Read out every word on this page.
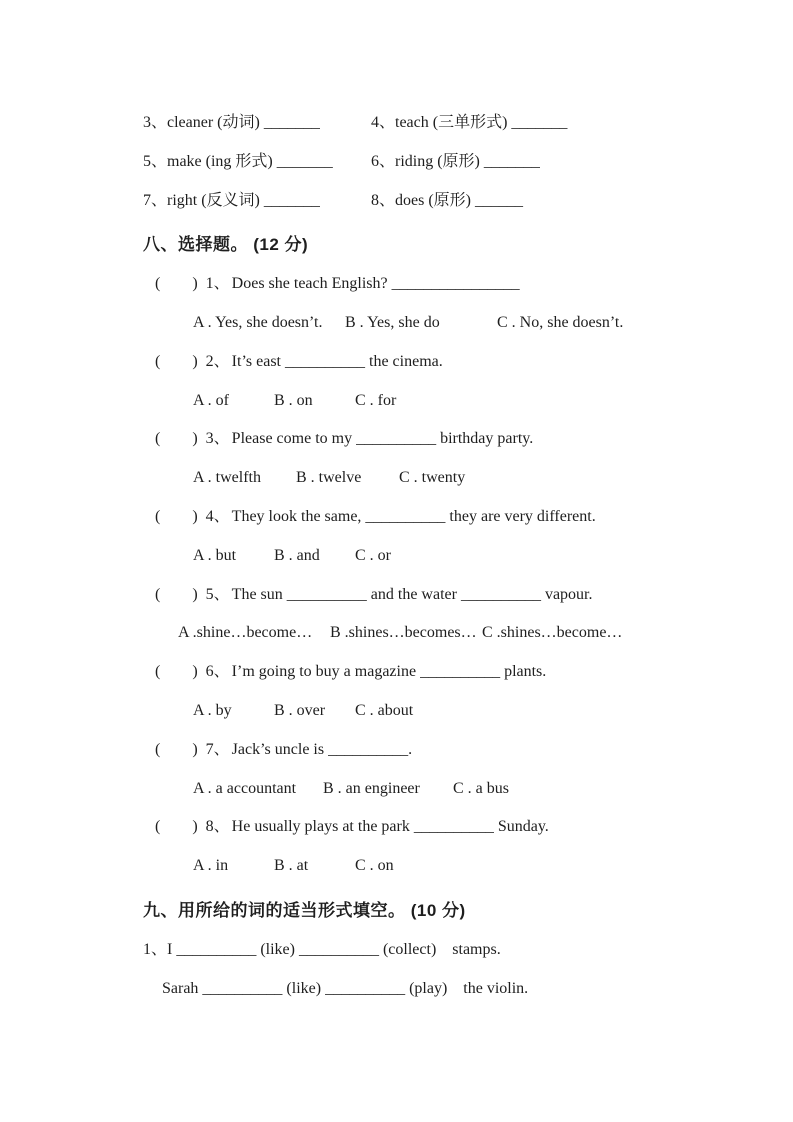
3、cleaner (动词) _______	4、teach (三单形式) _______
5、make (ing 形式) _______ 6、riding (原形) _______
7、right (反义词) _______	8、does (原形) ______
八、选择题。 (12 分)
(  ) 1、 Does she teach English? ________________
A . Yes, she doesn’t. B . Yes, she do	C . No, she doesn’t.
(  ) 2、 It’s east __________ the cinema.
A . of	B . on	C . for
(  ) 3、 Please come to my __________ birthday party.
A . twelfth B . twelve C . twenty
(  ) 4、 They look the same, __________ they are very different.
A . but B . and C . or
(  ) 5、 The sun __________ and the water __________ vapour.
A .shine…become… B .shines…becomes… C .shines…become…
(  ) 6、 I’m going to buy a magazine __________ plants.
A . by	B . over C . about
(  ) 7、 Jack’s uncle is __________.
A . a accountant B . an engineer C . a bus
(  ) 8、 He usually plays at the park __________ Sunday.
A . in	B . at	C . on
九、用所给的词的适当形式填空。 (10 分)
1、I __________ (like) __________ (collect) stamps.
Sarah __________ (like) __________ (play) the violin.
